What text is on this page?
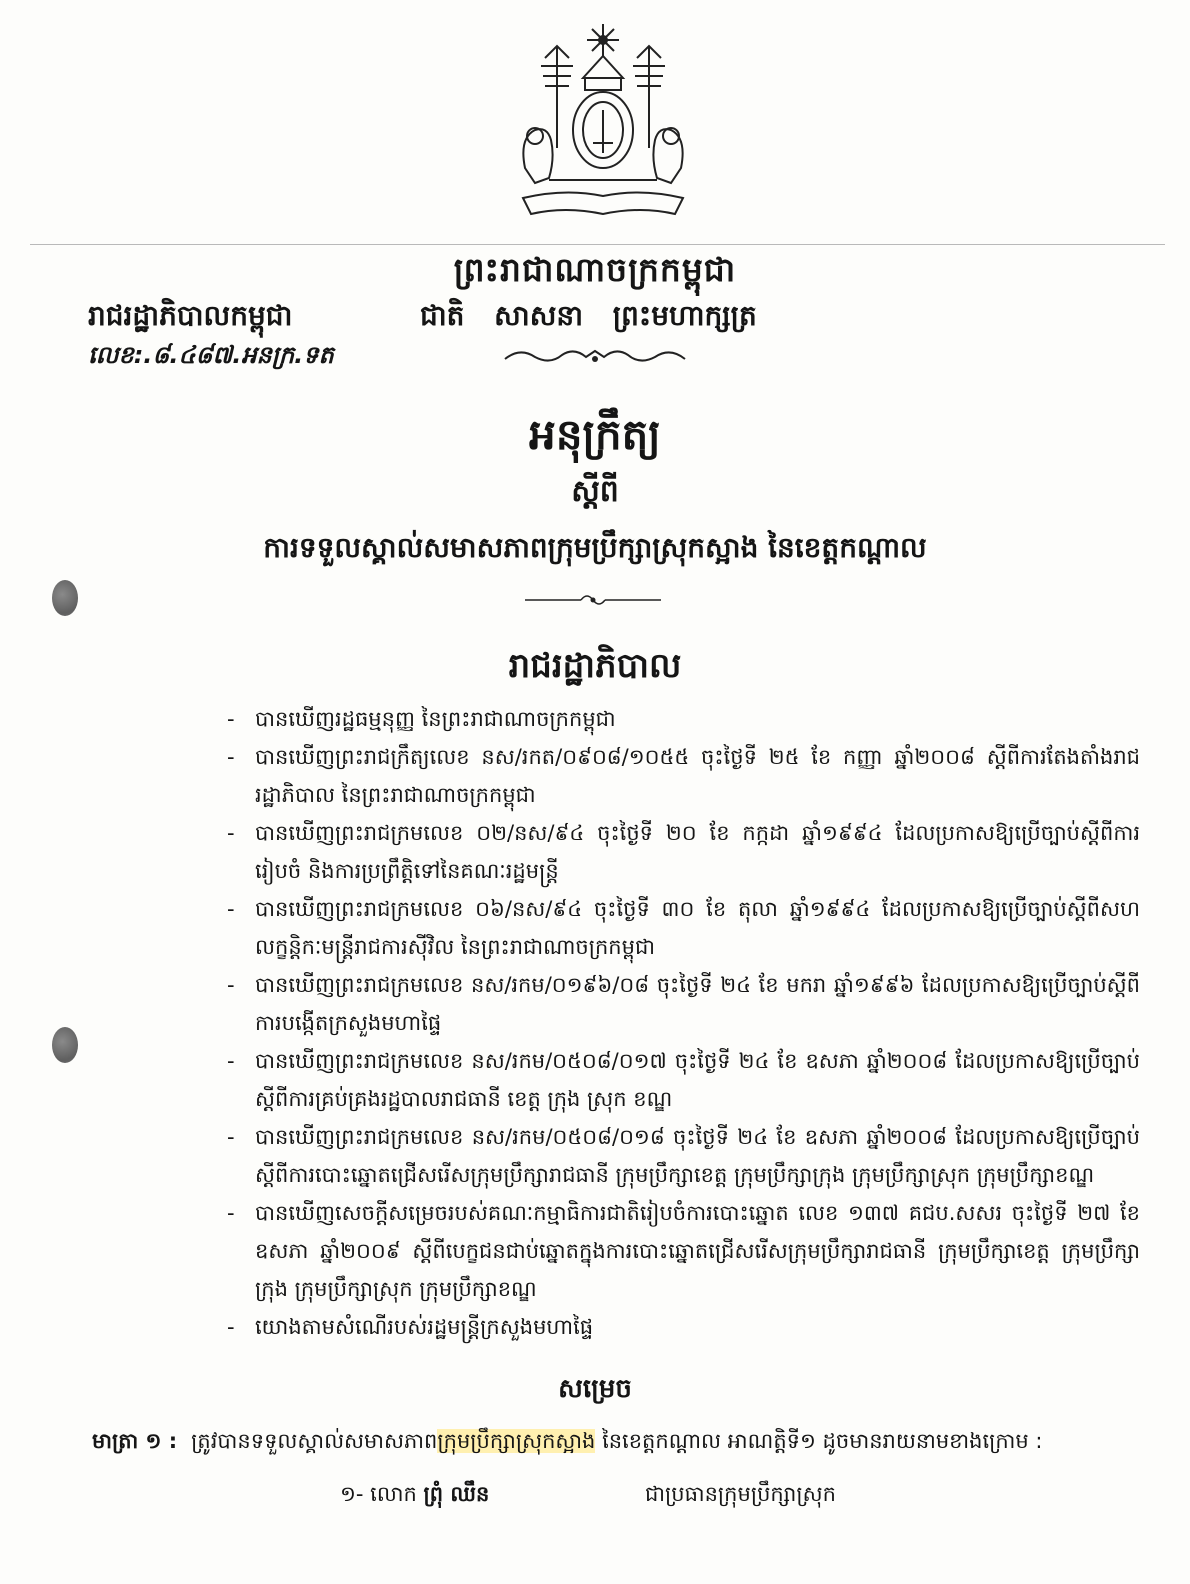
ព្រះរាជាណាចក្រកម្ពុជា
រាជរដ្ឋាភិបាលកម្ពុជា	ជាតិ សាសនា ព្រះមហាក្សត្រ
លេខ:.៨.៤៨៧.អនក្រ.ទត
អនុក្រឹត្យ
ស្តីពី
ការទទួលស្គាល់សមាសភាពក្រុមប្រឹក្សាស្រុកស្អាង នៃខេត្តកណ្តាល
រាជរដ្ឋាភិបាល
- បានឃើញរដ្ឋធម្មនុញ្ញ នៃព្រះរាជាណាចក្រកម្ពុជា
- បានឃើញព្រះរាជក្រឹត្យលេខ នស/រកត/០៩០៨/១០៥៥ ចុះថ្ងៃទី ២៥ ខែ កញ្ញា ឆ្នាំ២០០៨ ស្តីពីការតែងតាំងរាជរដ្ឋាភិបាល នៃព្រះរាជាណាចក្រកម្ពុជា
- បានឃើញព្រះរាជក្រមលេខ ០២/នស/៩៤ ចុះថ្ងៃទី ២០ ខែ កក្កដា ឆ្នាំ១៩៩៤ ដែលប្រកាសឱ្យប្រើច្បាប់ស្តីពីការរៀបចំ និងការប្រព្រឹត្តិទៅនៃគណៈរដ្ឋមន្ត្រី
- បានឃើញព្រះរាជក្រមលេខ ០៦/នស/៩៤ ចុះថ្ងៃទី ៣០ ខែ តុលា ឆ្នាំ១៩៩៤ ដែលប្រកាសឱ្យប្រើច្បាប់ស្តីពីសហលក្ខន្តិកៈមន្ត្រីរាជការស៊ីវិល នៃព្រះរាជាណាចក្រកម្ពុជា
- បានឃើញព្រះរាជក្រមលេខ នស/រកម/០១៩៦/០៨ ចុះថ្ងៃទី ២៤ ខែ មករា ឆ្នាំ១៩៩៦ ដែលប្រកាសឱ្យប្រើច្បាប់ស្តីពីការបង្កើតក្រសួងមហាផ្ទៃ
- បានឃើញព្រះរាជក្រមលេខ នស/រកម/០៥០៨/០១៧ ចុះថ្ងៃទី ២៤ ខែ ឧសភា ឆ្នាំ២០០៨ ដែលប្រកាសឱ្យប្រើច្បាប់ស្តីពីការគ្រប់គ្រងរដ្ឋបាលរាជធានី ខេត្ត ក្រុង ស្រុក ខណ្ឌ
- បានឃើញព្រះរាជក្រមលេខ នស/រកម/០៥០៨/០១៨ ចុះថ្ងៃទី ២៤ ខែ ឧសភា ឆ្នាំ២០០៨ ដែលប្រកាសឱ្យប្រើច្បាប់ស្តីពីការបោះឆ្នោតជ្រើសរើសក្រុមប្រឹក្សារាជធានី ក្រុមប្រឹក្សាខេត្ត ក្រុមប្រឹក្សាក្រុង ក្រុមប្រឹក្សាស្រុក ក្រុមប្រឹក្សាខណ្ឌ
- បានឃើញសេចក្តីសម្រេចរបស់គណៈកម្មាធិការជាតិរៀបចំការបោះឆ្នោត លេខ ១៣៧ គជប.សសរ ចុះថ្ងៃទី ២៧ ខែ ឧសភា ឆ្នាំ២០០៩ ស្តីពីបេក្ខជនជាប់ឆ្នោតក្នុងការបោះឆ្នោតជ្រើសរើសក្រុមប្រឹក្សារាជធានី ក្រុមប្រឹក្សាខេត្ត ក្រុមប្រឹក្សាក្រុង ក្រុមប្រឹក្សាស្រុក ក្រុមប្រឹក្សាខណ្ឌ
- យោងតាមសំណើរបស់រដ្ឋមន្ត្រីក្រសួងមហាផ្ទៃ
សម្រេច
មាត្រា ១ : ត្រូវបានទទួលស្គាល់សមាសភាពក្រុមប្រឹក្សាស្រុកស្អាង នៃខេត្តកណ្តាល អាណត្តិទី១ ដូចមានរាយនាមខាងក្រោម :
១- លោក ព្រុំ ឈឹន	ជាប្រធានក្រុមប្រឹក្សាស្រុក
